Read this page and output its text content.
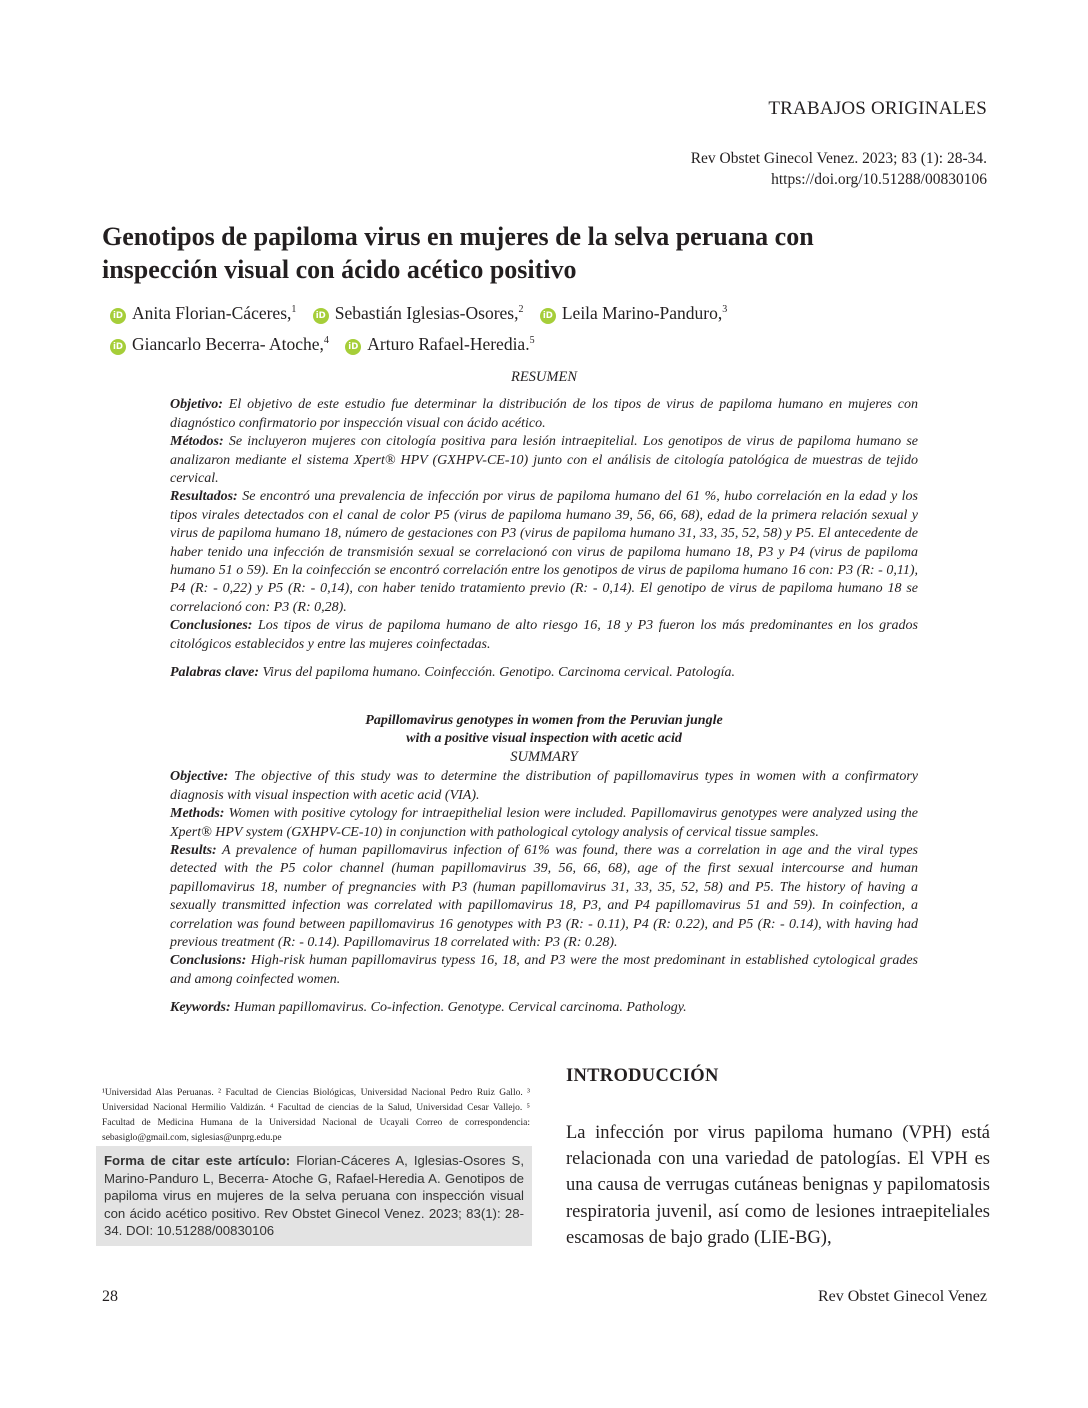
TRABAJOS ORIGINALES
Rev Obstet Ginecol Venez. 2023; 83 (1): 28-34.
https://doi.org/10.51288/00830106
Genotipos de papiloma virus en mujeres de la selva peruana con
inspección visual con ácido acético positivo
iD Anita Florian-Cáceres,$^1$ iD Sebastián Iglesias-Osores,$^2$ iD Leila Marino-Panduro,$^3$
iD Giancarlo Becerra- Atoche,$^4$ iD Arturo Rafael-Heredia.$^5$
RESUMEN

Objetivo: El objetivo de este estudio fue determinar la distribución de los tipos de virus de papiloma humano en mujeres con diagnóstico confirmatorio por inspección visual con ácido acético.

Métodos: Se incluyeron mujeres con citología positiva para lesión intraepitelial. Los genotipos de virus de papiloma humano se analizaron mediante el sistema Xpert® HPV (GXHPV-CE-10) junto con el análisis de citología patológica de muestras de tejido cervical.

Resultados: Se encontró una prevalencia de infección por virus de papiloma humano del 61 %, hubo correlación en la edad y los tipos virales detectados con el canal de color P5 (virus de papiloma humano 39, 56, 66, 68), edad de la primera relación sexual y virus de papiloma humano 18, número de gestaciones con P3 (virus de papiloma humano 31, 33, 35, 52, 58) y P5. El antecedente de haber tenido una infección de transmisión sexual se correlacionó con virus de papiloma humano 18, P3 y P4 (virus de papiloma humano 51 o 59). En la coinfección se encontró correlación entre los genotipos de virus de papiloma humano 16 con: P3 (R: - 0,11), P4 (R: - 0,22) y P5 (R: - 0,14), con haber tenido tratamiento previo (R: - 0,14). El genotipo de virus de papiloma humano 18 se correlacionó con: P3 (R: 0,28).

Conclusiones: Los tipos de virus de papiloma humano de alto riesgo 16, 18 y P3 fueron los más predominantes en los grados citológicos establecidos y entre las mujeres coinfectadas.

Palabras clave: Virus del papiloma humano. Coinfección. Genotipo. Carcinoma cervical. Patología.

Papillomavirus genotypes in women from the Peruvian jungle
with a positive visual inspection with acetic acid
SUMMARY

Objective: The objective of this study was to determine the distribution of papillomavirus types in women with a confirmatory diagnosis with visual inspection with acetic acid (VIA).

Methods: Women with positive cytology for intraepithelial lesion were included. Papillomavirus genotypes were analyzed using the Xpert® HPV system (GXHPV-CE-10) in conjunction with pathological cytology analysis of cervical tissue samples.

Results: A prevalence of human papillomavirus infection of 61% was found, there was a correlation in age and the viral types detected with the P5 color channel (human papillomavirus 39, 56, 66, 68), age of the first sexual intercourse and human papillomavirus 18, number of pregnancies with P3 (human papillomavirus 31, 33, 35, 52, 58) and P5. The history of having a sexually transmitted infection was correlated with papillomavirus 18, P3, and P4 papillomavirus 51 and 59). In coinfection, a correlation was found between papillomavirus 16 genotypes with P3 (R: - 0.11), P4 (R: 0.22), and P5 (R: - 0.14), with having had previous treatment (R: - 0.14). Papillomavirus 18 correlated with: P3 (R: 0.28).

Conclusions: High-risk human papillomavirus typess 16, 18, and P3 were the most predominant in established cytological grades and among coinfected women.

Keywords: Human papillomavirus. Co-infection. Genotype. Cervical carcinoma. Pathology.

¹Universidad Alas Peruanas. ² Facultad de Ciencias Biológicas, Universidad Nacional Pedro Ruiz Gallo. ³ Universidad Nacional Hermilio Valdizán. ⁴ Facultad de ciencias de la Salud, Universidad Cesar Vallejo. ⁵ Facultad de Medicina Humana de la Universidad Nacional de Ucayali Correo de correspondencia: sebasiglo@gmail.com, siglesias@unprg.edu.pe
Forma de citar este artículo: Florian-Cáceres A, Iglesias-Osores S, Marino-Panduro L, Becerra- Atoche G, Rafael-Heredia A. Genotipos de papiloma virus en mujeres de la selva peruana con inspección visual con ácido acético positivo. Rev Obstet Ginecol Venez. 2023; 83(1): 28-34. DOI: 10.51288/00830106
INTRODUCCIÓN

La infección por virus papiloma humano (VPH) está relacionada con una variedad de patologías. El VPH es una causa de verrugas cutáneas benignas y papilomatosis respiratoria juvenil, así como de lesiones intraepiteliales escamosas de bajo grado (LIE-BG),

28	Rev Obstet Ginecol Venez
